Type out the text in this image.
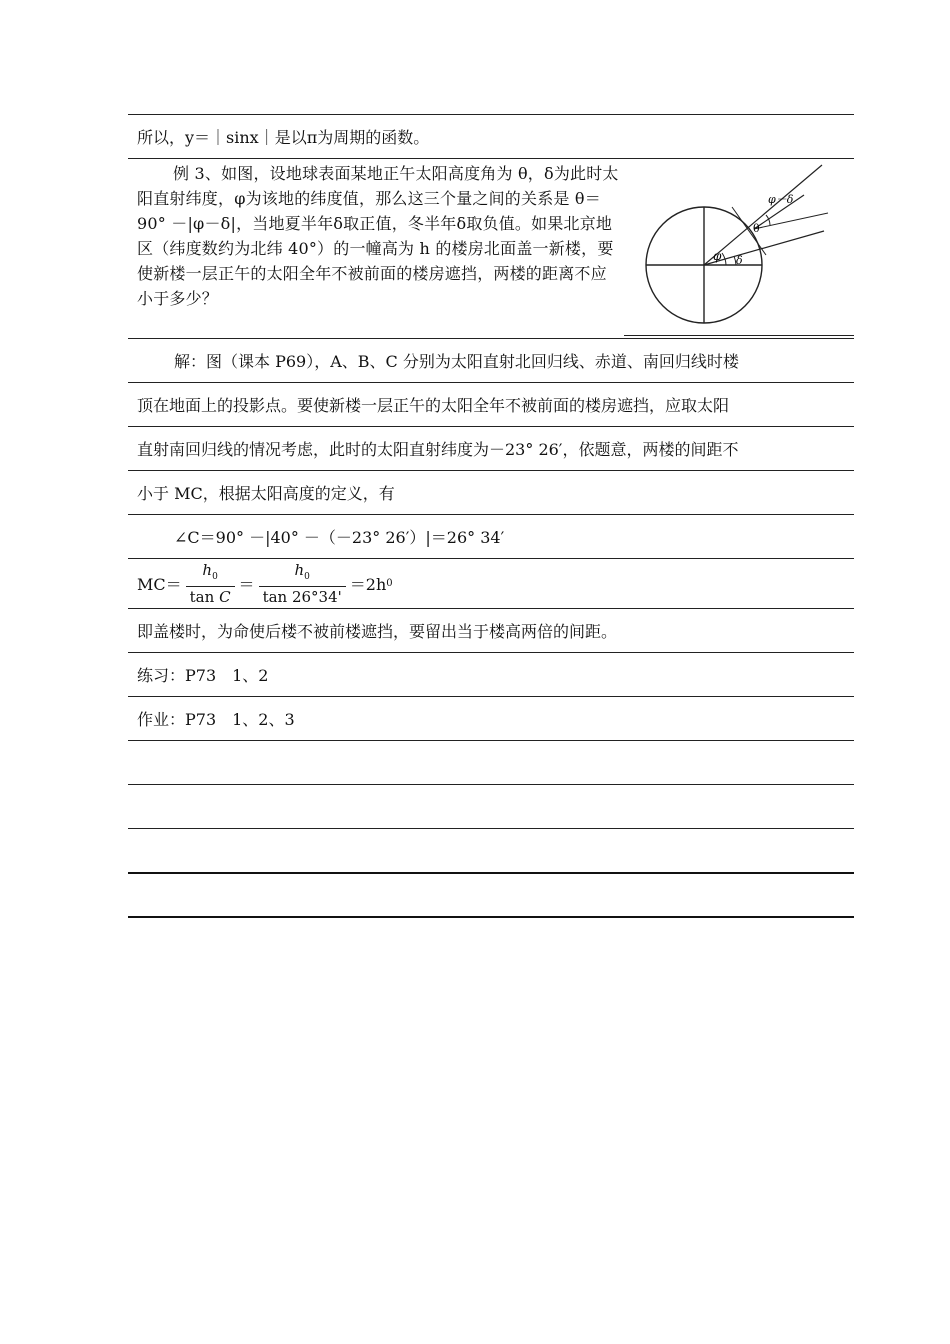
所以，y＝｜sinx｜是以π为周期的函数。
例 3、如图，设地球表面某地正午太阳高度角为 θ，δ为此时太阳直射纬度，φ为该地的纬度值，那么这三个量之间的关系是 θ＝90° －|φ－δ|，当地夏半年δ取正值，冬半年δ取负值。如果北京地区（纬度数约为北纬 40°）的一幢高为 h 的楼房北面盖一新楼，要使新楼一层正午的太阳全年不被前面的楼房遮挡，两楼的距离不应小于多少？
φ－δ
θ
φ δ
解：图（课本 P69），A、B、C 分别为太阳直射北回归线、赤道、南回归线时楼
顶在地面上的投影点。要使新楼一层正午的太阳全年不被前面的楼房遮挡，应取太阳
直射南回归线的情况考虑，此时的太阳直射纬度为－23° 26′，依题意，两楼的间距不
小于 MC，根据太阳高度的定义，有
∠C＝90° －|40° －（－23° 26′）|＝26° 34′
$MC= \frac{h_0}{\text{tan C}} = \frac{h_0}{\tan 26^\circ 34'} =2h$ 0
即盖楼时，为命使后楼不被前楼遮挡，要留出当于楼高两倍的间距。
练习：P73　1、2
作业：P73　1、2、3
